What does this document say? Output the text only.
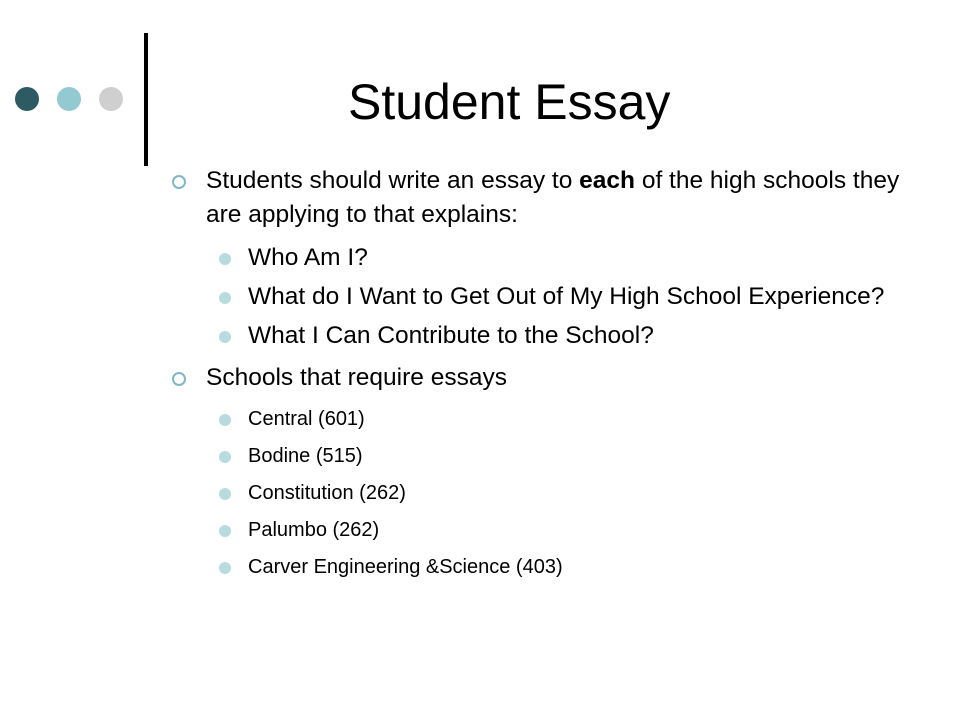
Student Essay
Students should write an essay to each of the high schools they are applying to that explains:
Who Am I?
What do I Want to Get Out of My High School Experience?
What I Can Contribute to the School?
Schools that require essays
Central (601)
Bodine (515)
Constitution (262)
Palumbo (262)
Carver Engineering &Science (403)
